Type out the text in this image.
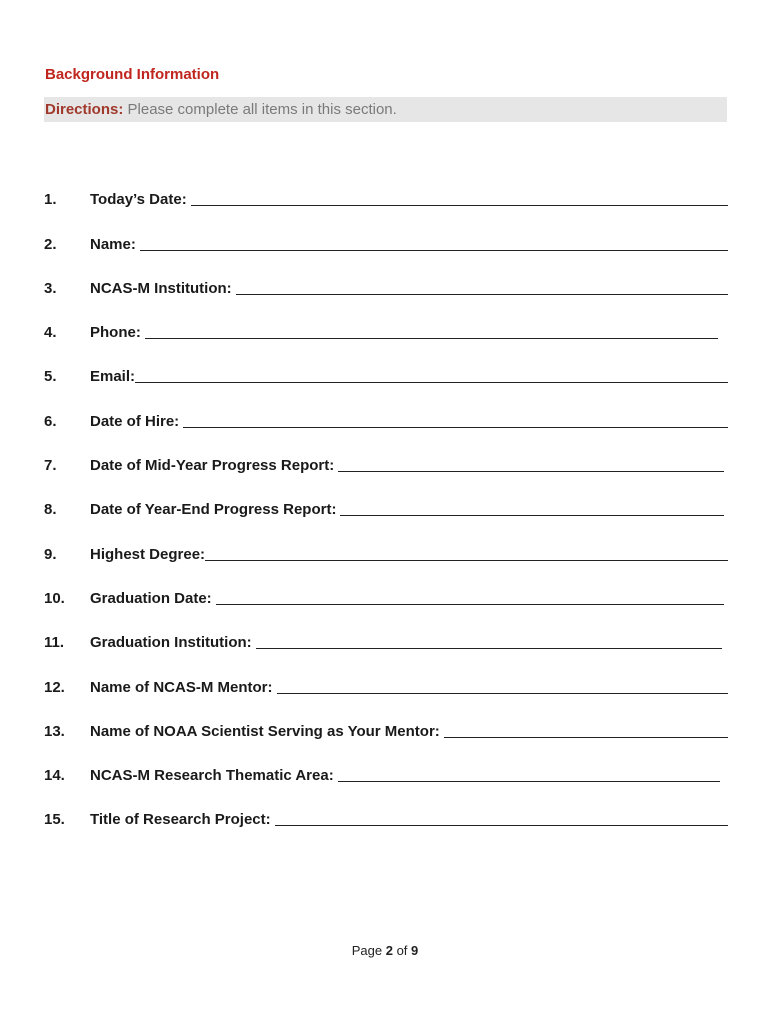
Background Information
Directions: Please complete all items in this section.
1.	Today’s Date:
2.	Name:
3.	NCAS-M Institution:
4.	Phone:
5.	Email:
6.	Date of Hire:
7.	Date of Mid-Year Progress Report:
8.	Date of Year-End Progress Report:
9.	Highest Degree:
10.	Graduation Date:
11.	Graduation Institution:
12.	Name of NCAS-M Mentor:
13.	Name of NOAA Scientist Serving as Your Mentor:
14.	NCAS-M Research Thematic Area:
15.	Title of Research Project:
Page 2 of 9
